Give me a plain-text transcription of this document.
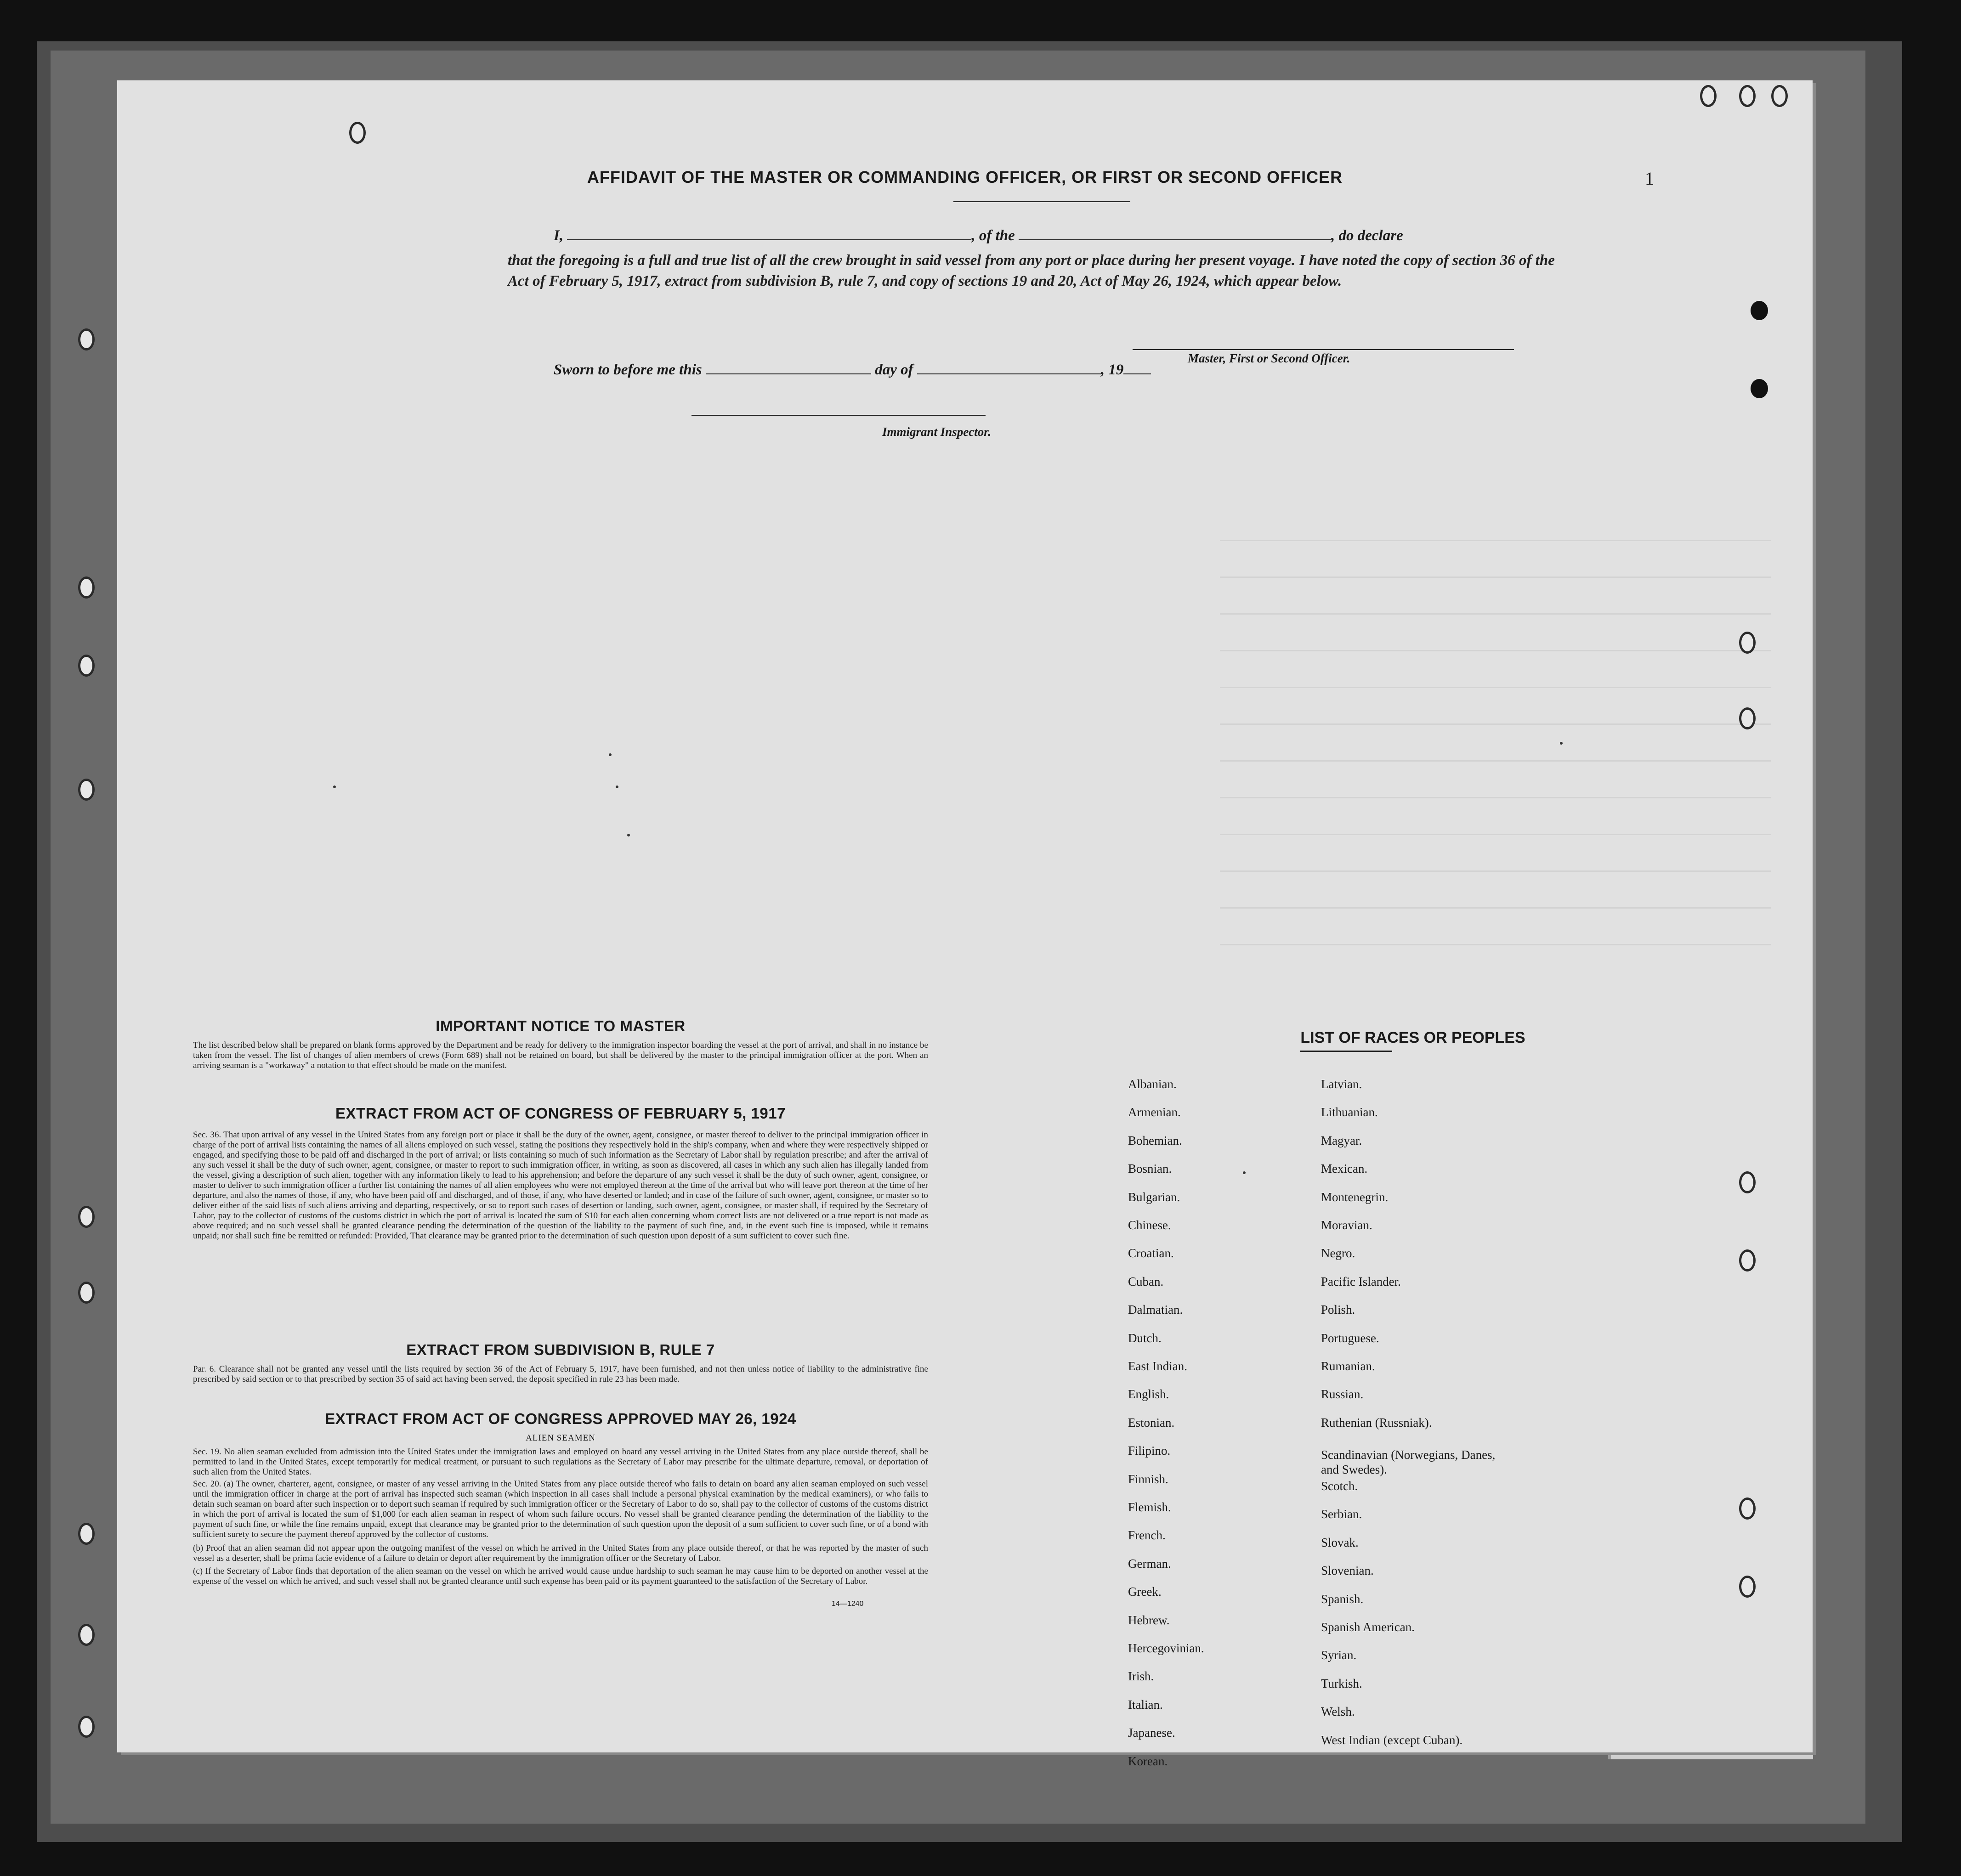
1
AFFIDAVIT OF THE MASTER OR COMMANDING OFFICER, OR FIRST OR SECOND OFFICER
I,	, of the	, do declare
that the foregoing is a full and true list of all the crew brought in said vessel from any port or place during her present voyage. I have noted the copy of section 36 of the Act of February 5, 1917, extract from subdivision B, rule 7, and copy of sections 19 and 20, Act of May 26, 1924, which appear below.
Master, First or Second Officer.
Sworn to before me this	day of	, 19
Immigrant Inspector.
IMPORTANT NOTICE TO MASTER
The list described below shall be prepared on blank forms approved by the Department and be ready for delivery to the immigration inspector boarding the vessel at the port of arrival, and shall in no instance be taken from the vessel. The list of changes of alien members of crews (Form 689) shall not be retained on board, but shall be delivered by the master to the principal immigration officer at the port. When an arriving seaman is a "workaway" a notation to that effect should be made on the manifest.
EXTRACT FROM ACT OF CONGRESS OF FEBRUARY 5, 1917
Sec. 36. That upon arrival of any vessel in the United States from any foreign port or place it shall be the duty of the owner, agent, consignee, or master thereof to deliver to the principal immigration officer in charge of the port of arrival lists containing the names of all aliens employed on such vessel, stating the positions they respectively hold in the ship's company, when and where they were respectively shipped or engaged, and specifying those to be paid off and discharged in the port of arrival; or lists containing so much of such information as the Secretary of Labor shall by regulation prescribe; and after the arrival of any such vessel it shall be the duty of such owner, agent, consignee, or master to report to such immigration officer, in writing, as soon as discovered, all cases in which any such alien has illegally landed from the vessel, giving a description of such alien, together with any information likely to lead to his apprehension; and before the departure of any such vessel it shall be the duty of such owner, agent, consignee, or master to deliver to such immigration officer a further list containing the names of all alien employees who were not employed thereon at the time of the arrival but who will leave port thereon at the time of her departure, and also the names of those, if any, who have been paid off and discharged, and of those, if any, who have deserted or landed; and in case of the failure of such owner, agent, consignee, or master so to deliver either of the said lists of such aliens arriving and departing, respectively, or so to report such cases of desertion or landing, such owner, agent, consignee, or master shall, if required by the Secretary of Labor, pay to the collector of customs of the customs district in which the port of arrival is located the sum of $10 for each alien concerning whom correct lists are not delivered or a true report is not made as above required; and no such vessel shall be granted clearance pending the determination of the question of the liability to the payment of such fine, and, in the event such fine is imposed, while it remains unpaid; nor shall such fine be remitted or refunded: Provided, That clearance may be granted prior to the determination of such question upon deposit of a sum sufficient to cover such fine.
EXTRACT FROM SUBDIVISION B, RULE 7
Par. 6. Clearance shall not be granted any vessel until the lists required by section 36 of the Act of February 5, 1917, have been furnished, and not then unless notice of liability to the administrative fine prescribed by said section or to that prescribed by section 35 of said act having been served, the deposit specified in rule 23 has been made.
EXTRACT FROM ACT OF CONGRESS APPROVED MAY 26, 1924
ALIEN SEAMEN
Sec. 19. No alien seaman excluded from admission into the United States under the immigration laws and employed on board any vessel arriving in the United States from any place outside thereof, shall be permitted to land in the United States, except temporarily for medical treatment, or pursuant to such regulations as the Secretary of Labor may prescribe for the ultimate departure, removal, or deportation of such alien from the United States.
Sec. 20. (a) The owner, charterer, agent, consignee, or master of any vessel arriving in the United States from any place outside thereof who fails to detain on board any alien seaman employed on such vessel until the immigration officer in charge at the port of arrival has inspected such seaman (which inspection in all cases shall include a personal physical examination by the medical examiners), or who fails to detain such seaman on board after such inspection or to deport such seaman if required by such immigration officer or the Secretary of Labor to do so, shall pay to the collector of customs of the customs district in which the port of arrival is located the sum of $1,000 for each alien seaman in respect of whom such failure occurs. No vessel shall be granted clearance pending the determination of the liability to the payment of such fine, or while the fine remains unpaid, except that clearance may be granted prior to the determination of such question upon the deposit of a sum sufficient to cover such fine, or of a bond with sufficient surety to secure the payment thereof approved by the collector of customs.
(b) Proof that an alien seaman did not appear upon the outgoing manifest of the vessel on which he arrived in the United States from any place outside thereof, or that he was reported by the master of such vessel as a deserter, shall be prima facie evidence of a failure to detain or deport after requirement by the immigration officer or the Secretary of Labor.
(c) If the Secretary of Labor finds that deportation of the alien seaman on the vessel on which he arrived would cause undue hardship to such seaman he may cause him to be deported on another vessel at the expense of the vessel on which he arrived, and such vessel shall not be granted clearance until such expense has been paid or its payment guaranteed to the satisfaction of the Secretary of Labor.
14—1240
LIST OF RACES OR PEOPLES
Albanian.
Armenian.
Bohemian.
Bosnian.
Bulgarian.
Chinese.
Croatian.
Cuban.
Dalmatian.
Dutch.
East Indian.
English.
Estonian.
Filipino.
Finnish.
Flemish.
French.
German.
Greek.
Hebrew.
Hercegovinian.
Irish.
Italian.
Japanese.
Korean.
Latvian.
Lithuanian.
Magyar.
Mexican.
Montenegrin.
Moravian.
Negro.
Pacific Islander.
Polish.
Portuguese.
Rumanian.
Russian.
Ruthenian (Russniak).
Scandinavian (Norwegians, Danes, and Swedes).
Scotch.
Serbian.
Slovak.
Slovenian.
Spanish.
Spanish American.
Syrian.
Turkish.
Welsh.
West Indian (except Cuban).
